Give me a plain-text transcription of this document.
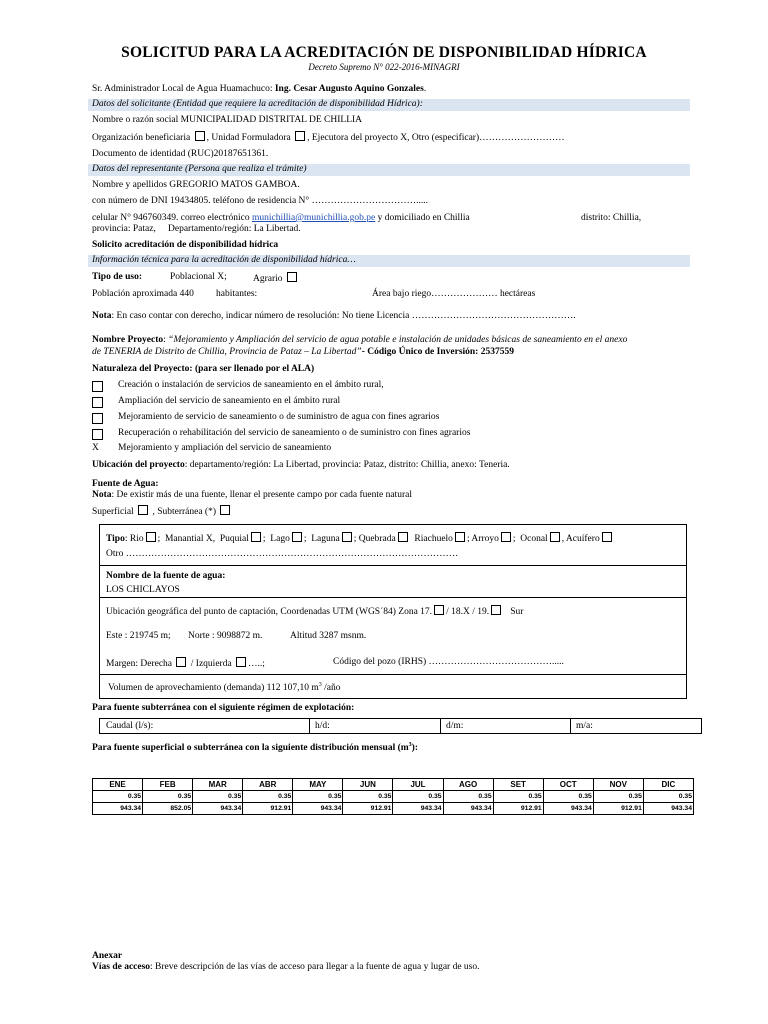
SOLICITUD PARA LA ACREDITACIÓN DE DISPONIBILIDAD HÍDRICA
Decreto Supremo N° 022-2016-MINAGRI
Sr. Administrador Local de Agua Huamachuco: Ing. Cesar Augusto Aquino Gonzales.
Datos del solicitante (Entidad que requiere la acreditación de disponibilidad Hídrica):
Nombre o razón social MUNICIPALIDAD DISTRITAL DE CHILLIA
Organización beneficiaria , Unidad Formuladora , Ejecutora del proyecto X, Otro (especificar)………………………
Documento de identidad (RUC)20187651361.
Datos del representante (Persona que realiza el trámite)
Nombre y apellidos GREGORIO MATOS GAMBOA.
con número de DNI 19434805. teléfono de residencia N° …………………………….....
celular N° 946760349. correo electrónico munichillia@munichillia.gob.pe y domiciliado en Chillia	distrito: Chillia,
provincia: Pataz, Departamento/región: La Libertad.
Solicito acreditación de disponibilidad hídrica
Información técnica para la acreditación de disponibilidad hídrica…
Tipo de uso:	Poblacional X;	Agrario
Población aproximada 440 habitantes:	Área bajo riego………………… hectáreas
Nota: En caso contar con derecho, indicar número de resolución: No tiene Licencia …………………………………………….
Nombre Proyecto: “Mejoramiento y Ampliación del servicio de agua potable e instalación de unidades básicas de saneamiento en el anexo
de TENERIA de Distrito de Chillia, Provincia de Pataz – La Libertad”- Código Único de Inversión: 2537559
Naturaleza del Proyecto: (para ser llenado por el ALA)
Creación o instalación de servicios de saneamiento en el ámbito rural,
Ampliación del servicio de saneamiento en el ámbito rural
Mejoramiento de servicio de saneamiento o de suministro de agua con fines agrarios
Recuperación o rehabilitación del servicio de saneamiento o de suministro con fines agrarios
X Mejoramiento y ampliación del servicio de saneamiento
Ubicación del proyecto: departamento/región: La Libertad, provincia: Pataz, distrito: Chillia, anexo: Teneria.
Fuente de Agua:
Nota: De existir más de una fuente, llenar el presente campo por cada fuente natural
Superficial , Subterránea (*)
Tipo: Rio ;  Manantial X, Puquial ;  Lago ;  Laguna ; Quebrada Riachuelo ; Arroyo ;  Oconal , Acuífero
Otro ……………………………………………………………………………………………
Nombre de la fuente de agua:
LOS CHICLAYOS
Ubicación geográfica del punto de captación, Coordenadas UTM (WGS´84) Zona 17. / 18.X / 19. Sur
Este : 219745 m; Norte : 9098872 m.	Altitud 3287 msnm.
Margen: Derecha / Izquierda …..;	Código del pozo (IRHS) ………………………………….....
Volumen de aprovechamiento (demanda) 112 107,10 $m^3$ /año
Para fuente subterránea con el siguiente régimen de explotación:
Caudal (l/s):	h/d:	d/m:	m/a:
Para fuente superficial o subterránea con la siguiente distribución mensual $(m^3)$:
ENE	FEB	MAR	ABR	MAY	JUN	JUL	AGO	SET	OCT	NOV	DIC
0.35	0.35	0.35	0.35	0.35	0.35	0.35	0.35	0.35	0.35	0.35	0.35
943.34	852.05	943.34	912.91	943.34	912.91	943.34	943.34	912.91	943.34	912.91	943.34
Anexar
Vías de acceso: Breve descripción de las vías de acceso para llegar a la fuente de agua y lugar de uso.
